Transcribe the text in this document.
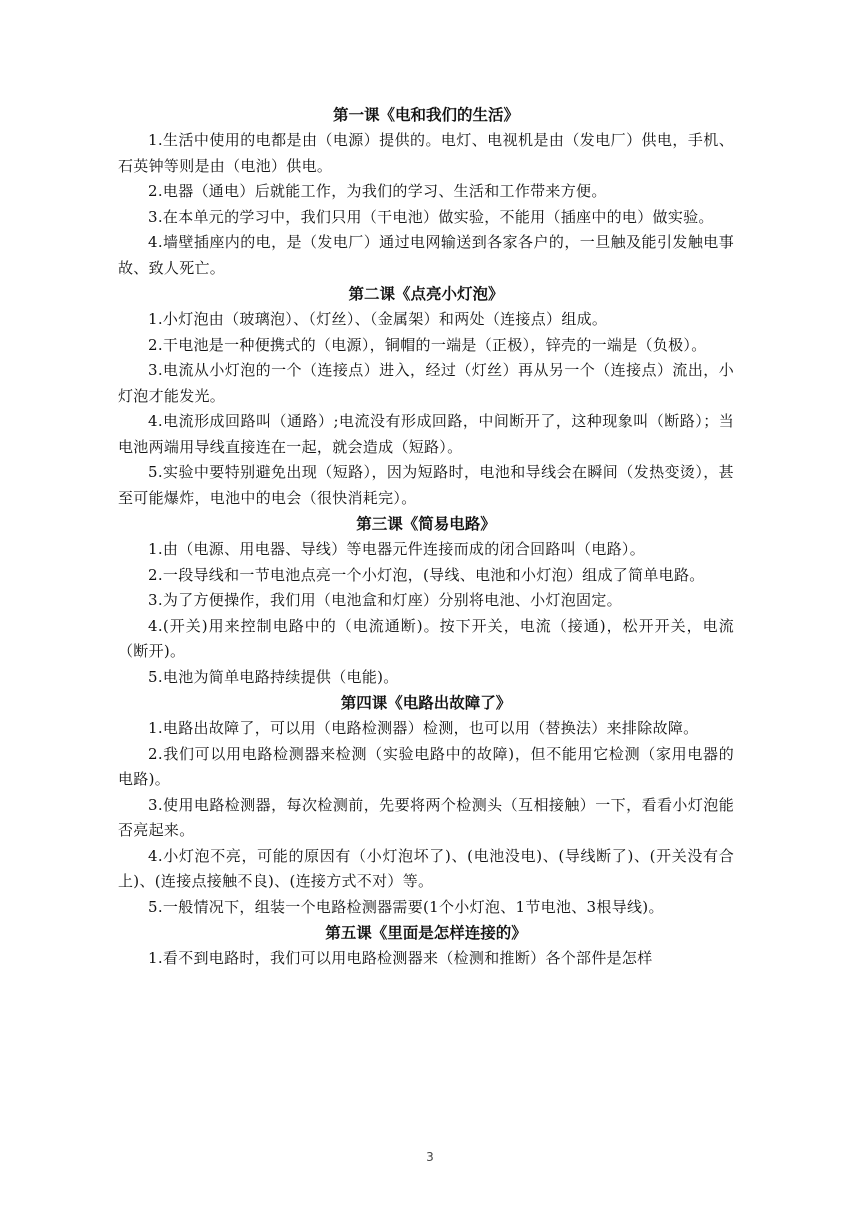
第一课《电和我们的生活》

1.生活中使用的电都是由（电源）提供的。电灯、电视机是由（发电厂）供电，手机、石英钟等则是由（电池）供电。

2.电器（通电）后就能工作，为我们的学习、生活和工作带来方便。

3.在本单元的学习中，我们只用（干电池）做实验，不能用（插座中的电）做实验。

4.墙壁插座内的电，是（发电厂）通过电网输送到各家各户的，一旦触及能引发触电事故、致人死亡。

第二课《点亮小灯泡》

1.小灯泡由（玻璃泡）、（灯丝）、（金属架）和两处（连接点）组成。

2.干电池是一种便携式的（电源），铜帽的一端是（正极），锌壳的一端是（负极）。

3.电流从小灯泡的一个（连接点）进入，经过（灯丝）再从另一个（连接点）流出，小灯泡才能发光。

4.电流形成回路叫（通路）;电流没有形成回路，中间断开了，这种现象叫（断路）；当电池两端用导线直接连在一起，就会造成（短路）。

5.实验中要特别避免出现（短路），因为短路时，电池和导线会在瞬间（发热变烫），甚至可能爆炸，电池中的电会（很快消耗完）。

第三课《简易电路》

1.由（电源、用电器、导线）等电器元件连接而成的闭合回路叫（电路）。

2.一段导线和一节电池点亮一个小灯泡，(导线、电池和小灯泡）组成了简单电路。

3.为了方便操作，我们用（电池盒和灯座）分别将电池、小灯泡固定。

4.(开关)用来控制电路中的（电流通断)。按下开关，电流（接通)，松开开关，电流（断开)。

5.电池为简单电路持续提供（电能)。

第四课《电路出故障了》

1.电路出故障了，可以用（电路检测器）检测，也可以用（替换法）来排除故障。

2.我们可以用电路检测器来检测（实验电路中的故障)，但不能用它检测（家用电器的电路)。

3.使用电路检测器，每次检测前，先要将两个检测头（互相接触）一下，看看小灯泡能否亮起来。

4.小灯泡不亮，可能的原因有（小灯泡坏了)、(电池没电)、(导线断了)、(开关没有合上)、(连接点接触不良)、(连接方式不对）等。

5.一般情况下，组装一个电路检测器需要(1个小灯泡、1节电池、3根导线)。

第五课《里面是怎样连接的》

1.看不到电路时，我们可以用电路检测器来（检测和推断）各个部件是怎样

3
